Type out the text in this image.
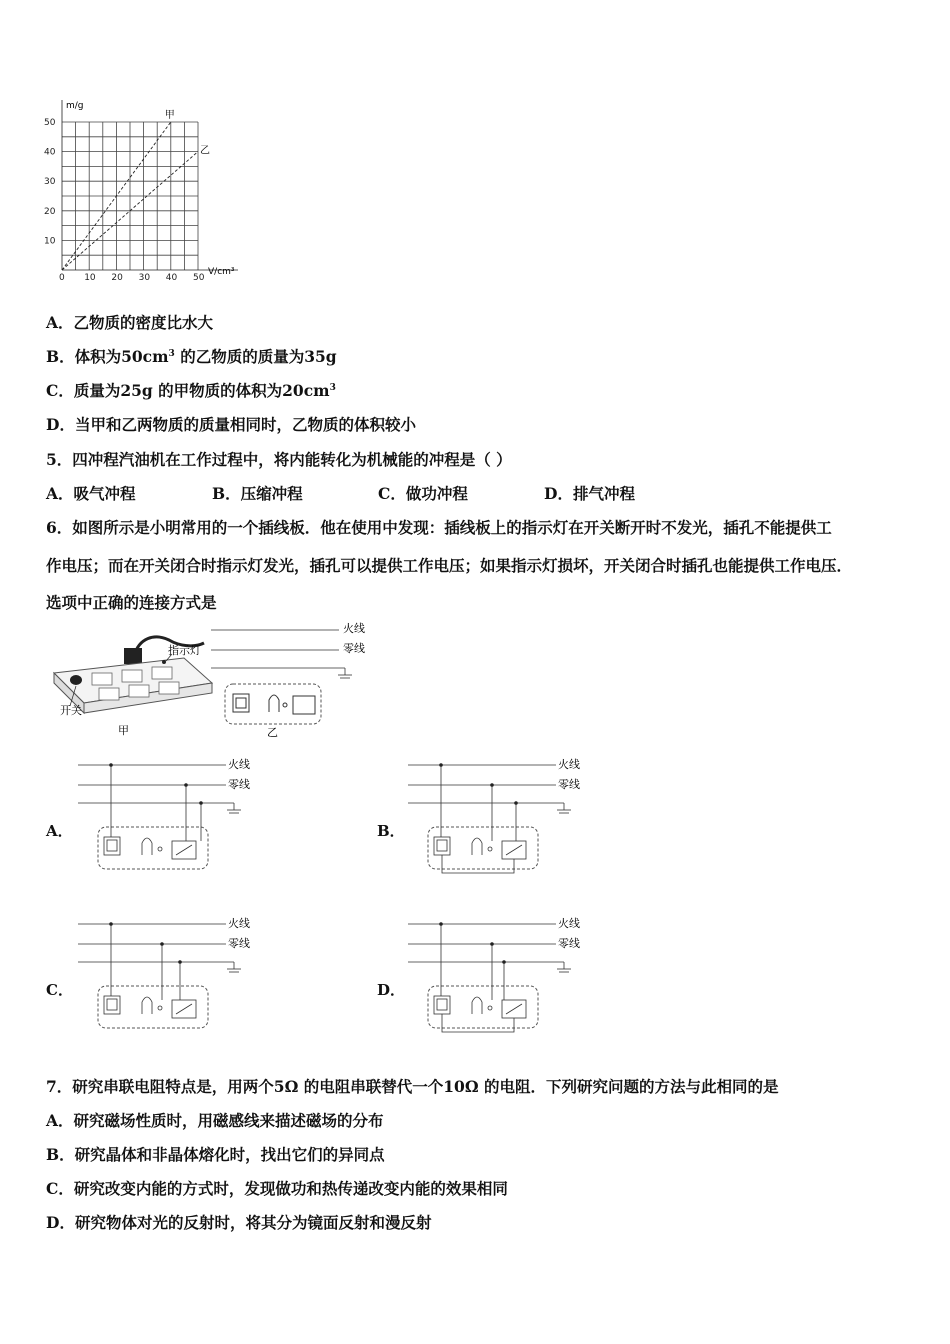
m/g
V/cm³
50
40
30
20
10
0 10 20 30 40 50
甲
乙
A．乙物质的密度比水大
B．体积为$50cm^3$ 的乙物质的质量为35g
C．质量为25g 的甲物质的体积为$20cm^3$
D．当甲和乙两物质的质量相同时，乙物质的体积较小
5．四冲程汽油机在工作过程中，将内能转化为机械能的冲程是（ ）
A．吸气冲程	B．压缩冲程	C．做功冲程	D．排气冲程
6．如图所示是小明常用的一个插线板．他在使用中发现：插线板上的指示灯在开关断开时不发光，插孔不能提供工
作电压；而在开关闭合时指示灯发光，插孔可以提供工作电压；如果指示灯损坏，开关闭合时插孔也能提供工作电压．
选项中正确的连接方式是
开关
指示灯
甲
火线
零线
乙
A．	B．
C．	D．
火线
零线
火线
零线
火线
零线
火线
零线
7．研究串联电阻特点是，用两个5Ω 的电阻串联替代一个10Ω 的电阻．下列研究问题的方法与此相同的是
A．研究磁场性质时，用磁感线来描述磁场的分布
B．研究晶体和非晶体熔化时，找出它们的异同点
C．研究改变内能的方式时，发现做功和热传递改变内能的效果相同
D．研究物体对光的反射时，将其分为镜面反射和漫反射
